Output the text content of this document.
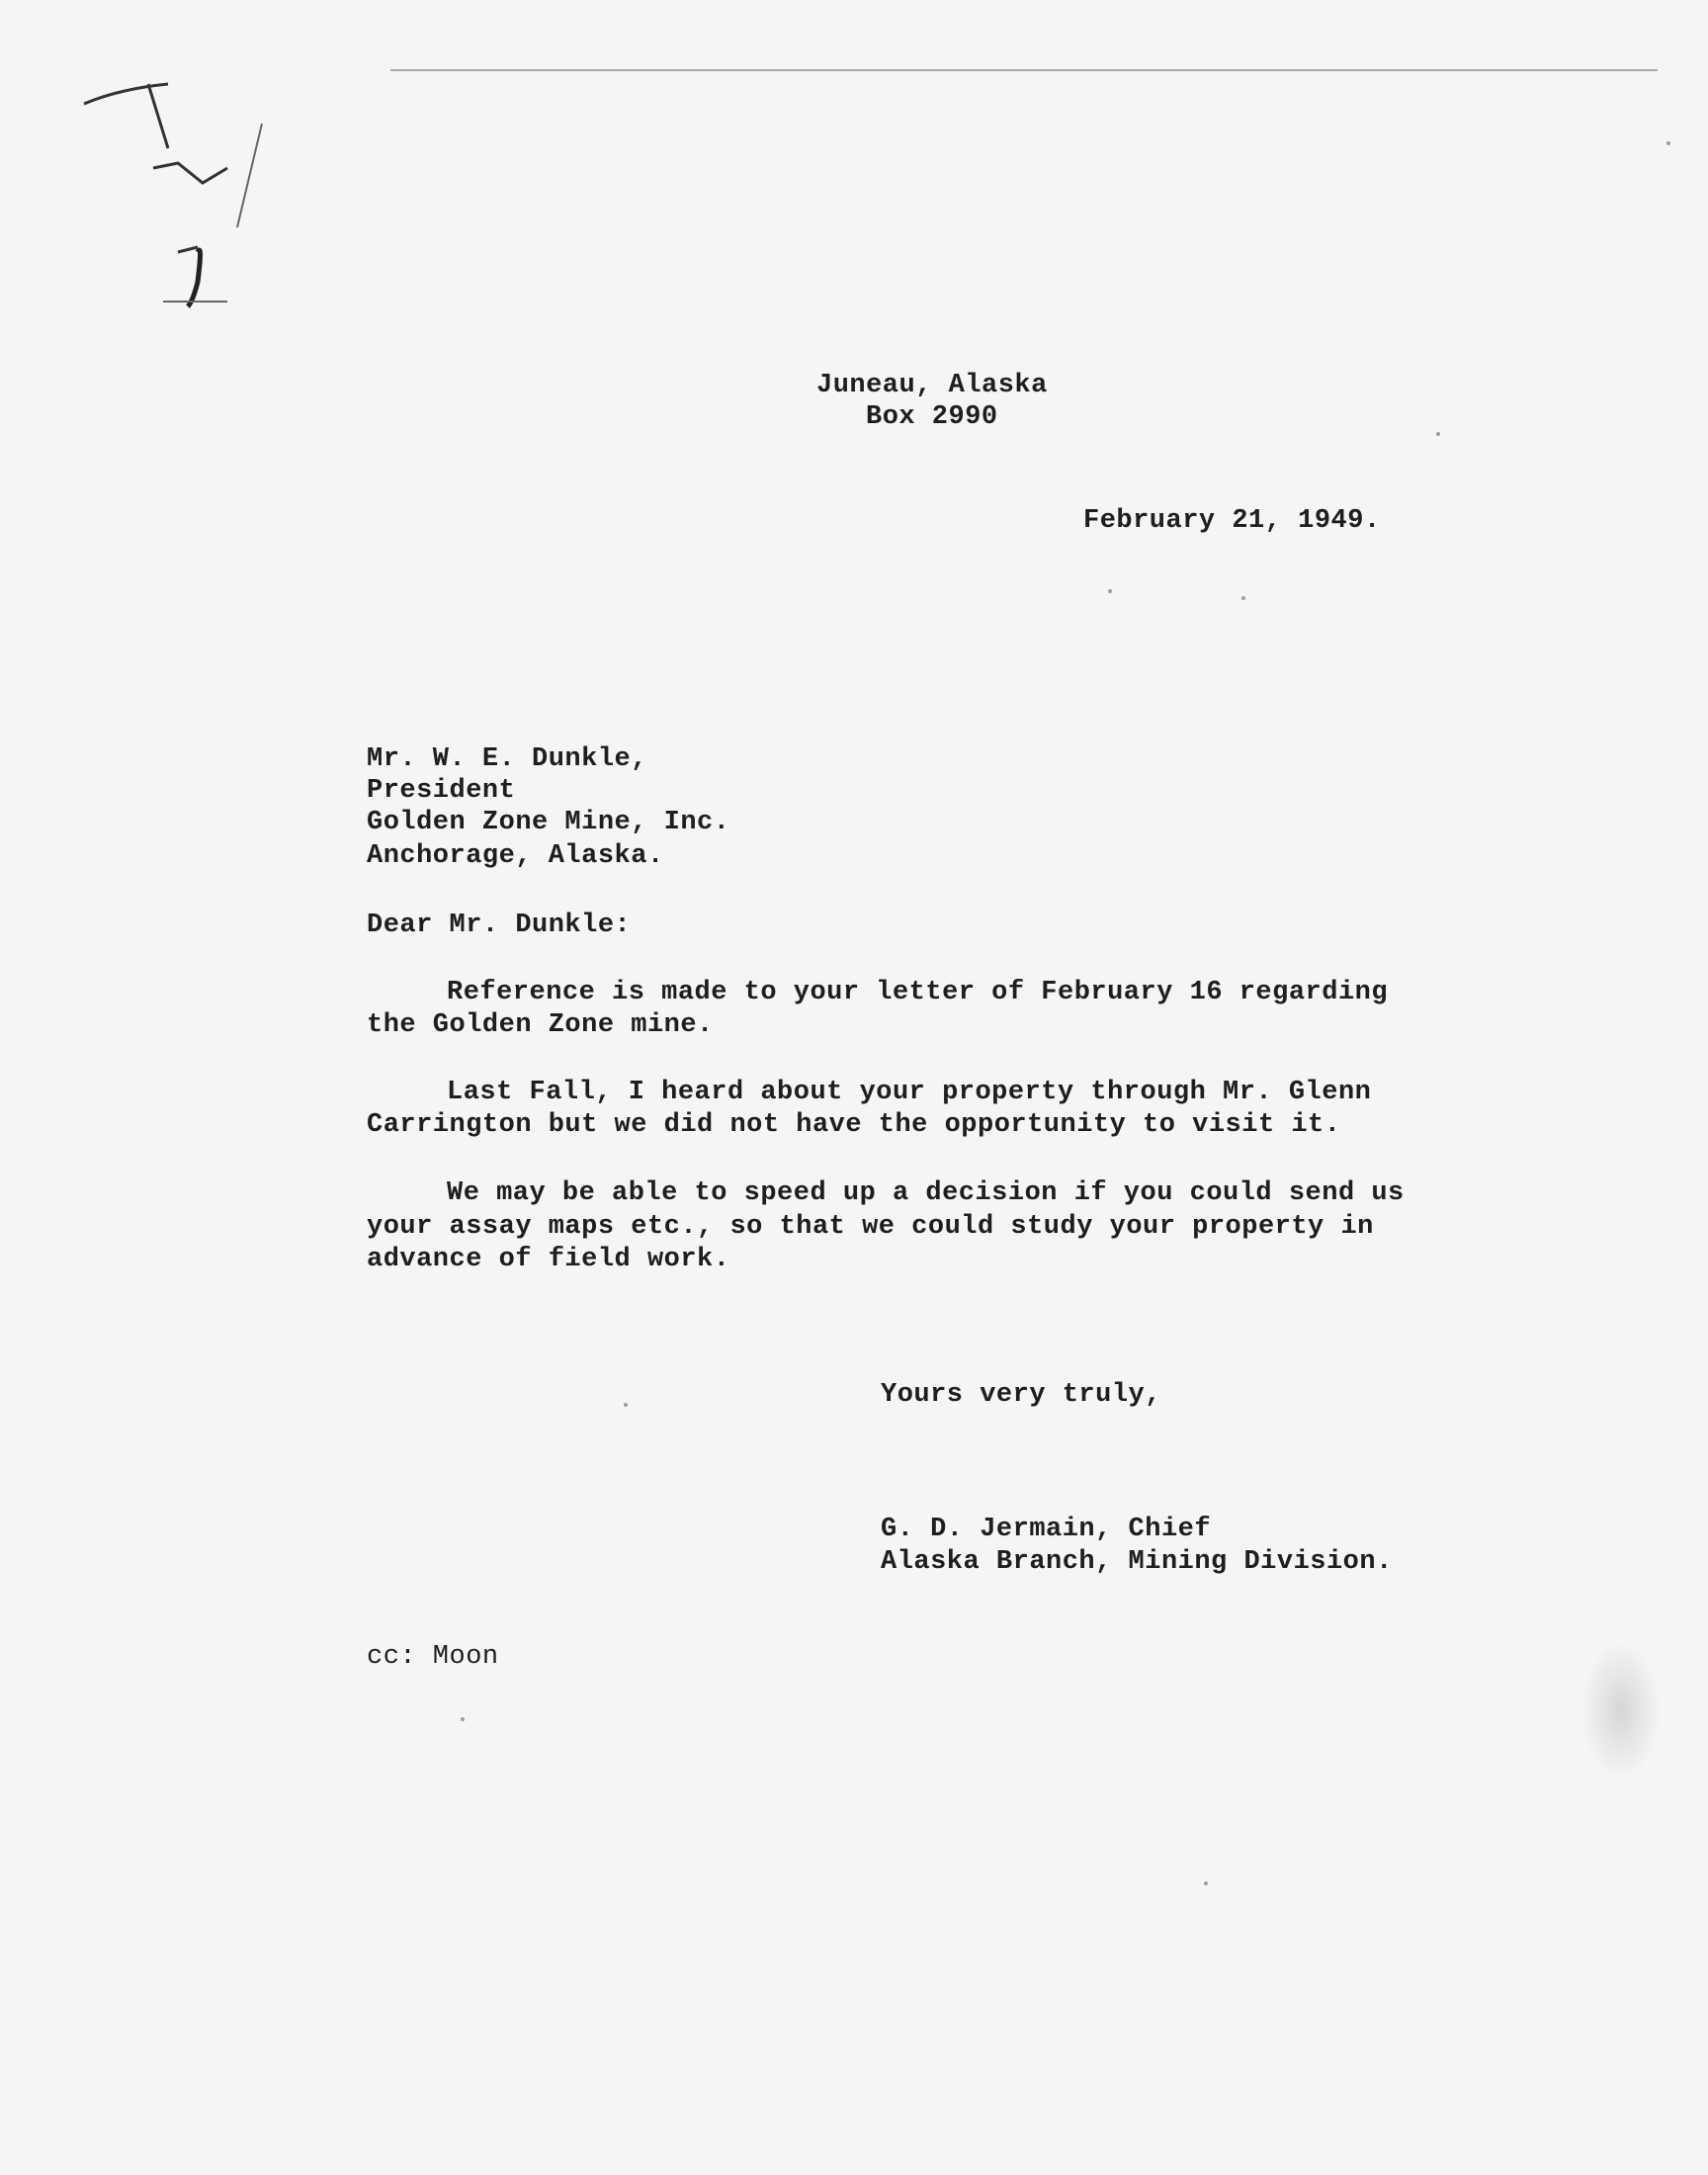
Juneau, Alaska
Box 2990
February 21, 1949.
Mr. W. E. Dunkle,
President
Golden Zone Mine, Inc.
Anchorage, Alaska.
Dear Mr. Dunkle:
Reference is made to your letter of February 16 regarding
the Golden Zone mine.
Last Fall, I heard about your property through Mr. Glenn
Carrington but we did not have the opportunity to visit it.
We may be able to speed up a decision if you could send us
your assay maps etc., so that we could study your property in
advance of field work.
Yours very truly,
G. D. Jermain, Chief
Alaska Branch, Mining Division.
cc: Moon
